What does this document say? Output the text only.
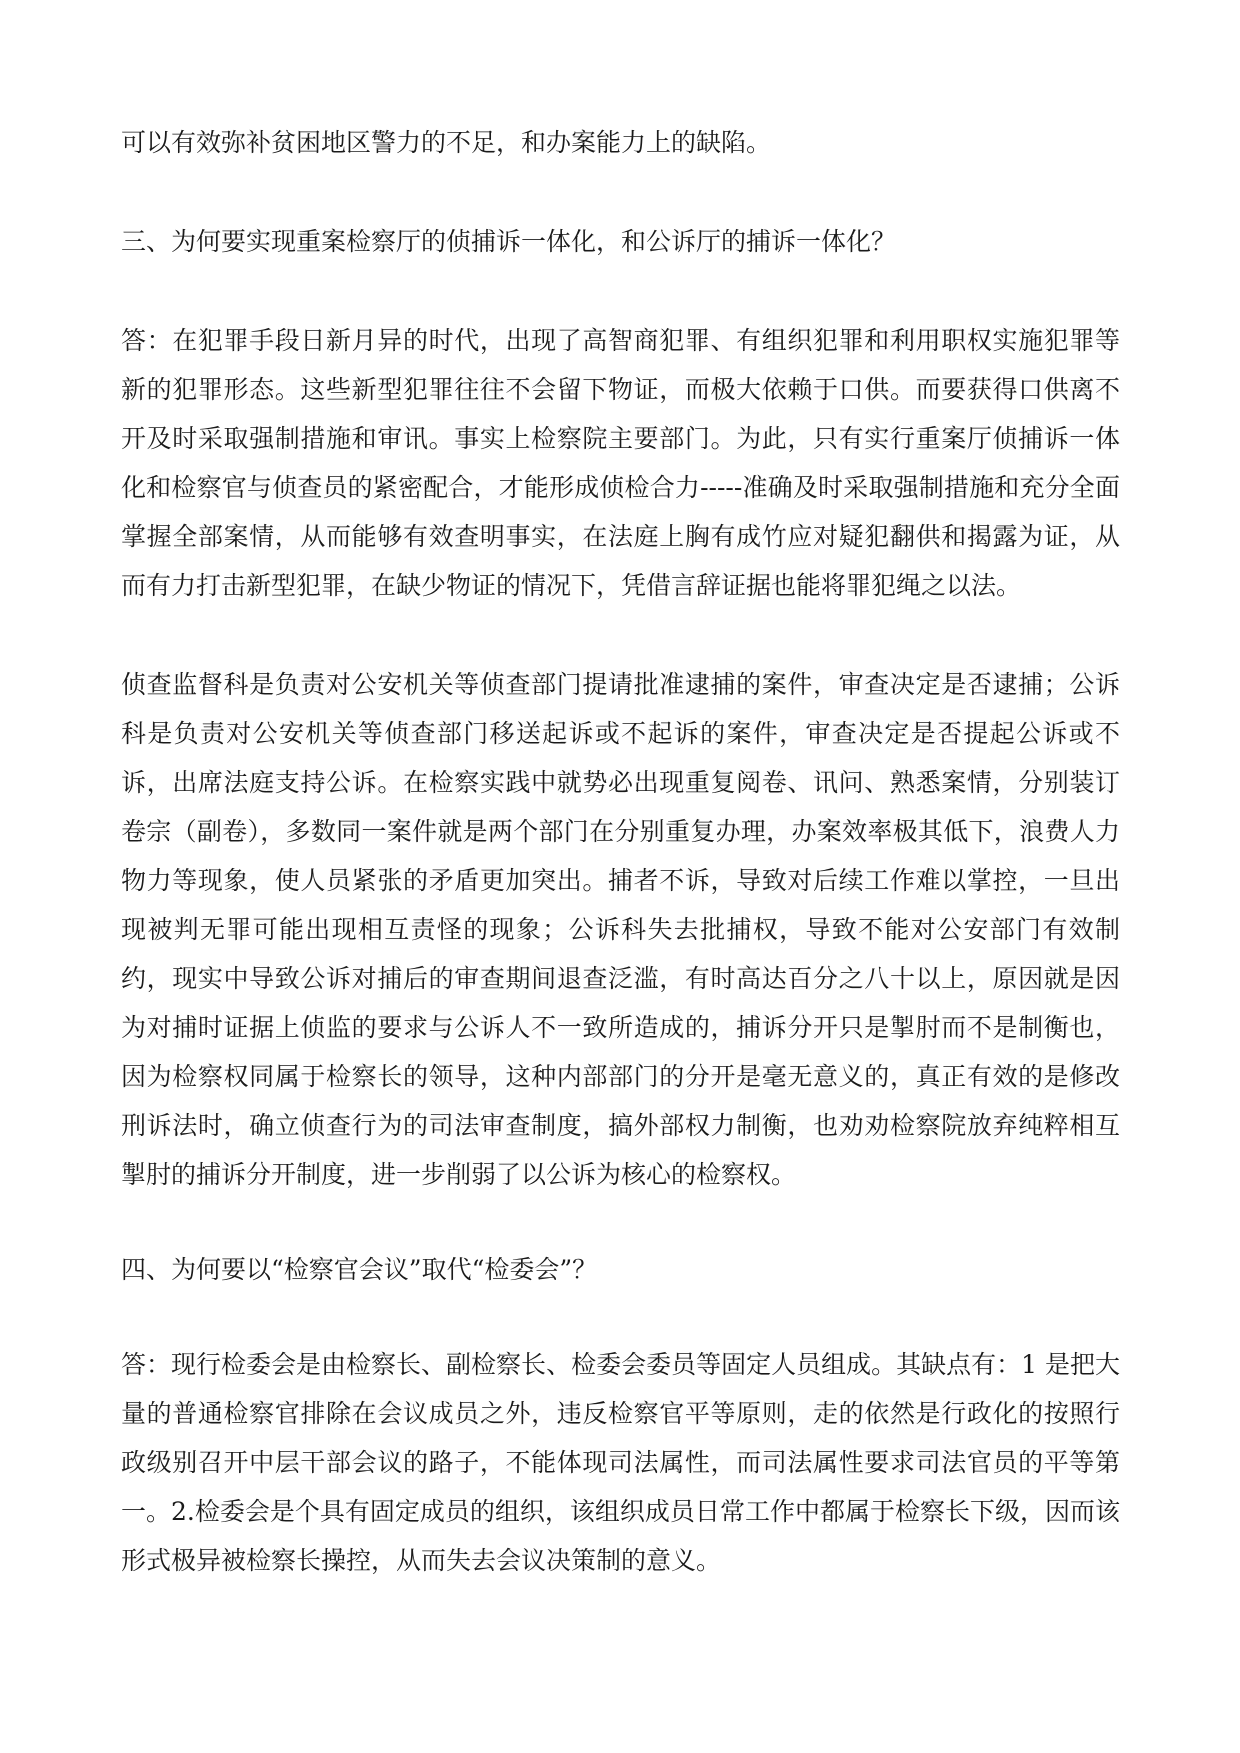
可以有效弥补贫困地区警力的不足，和办案能力上的缺陷。

三、为何要实现重案检察厅的侦捕诉一体化，和公诉厅的捕诉一体化？

答：在犯罪手段日新月异的时代，出现了高智商犯罪、有组织犯罪和利用职权实施犯罪等新的犯罪形态。这些新型犯罪往往不会留下物证，而极大依赖于口供。而要获得口供离不开及时采取强制措施和审讯。事实上检察院主要部门。为此，只有实行重案厅侦捕诉一体化和检察官与侦查员的紧密配合，才能形成侦检合力-----准确及时采取强制措施和充分全面掌握全部案情，从而能够有效查明事实，在法庭上胸有成竹应对疑犯翻供和揭露为证，从而有力打击新型犯罪，在缺少物证的情况下，凭借言辞证据也能将罪犯绳之以法。

侦查监督科是负责对公安机关等侦查部门提请批准逮捕的案件，审查决定是否逮捕；公诉科是负责对公安机关等侦查部门移送起诉或不起诉的案件，审查决定是否提起公诉或不诉，出席法庭支持公诉。在检察实践中就势必出现重复阅卷、讯问、熟悉案情，分别装订卷宗（副卷），多数同一案件就是两个部门在分别重复办理，办案效率极其低下，浪费人力物力等现象，使人员紧张的矛盾更加突出。捕者不诉，导致对后续工作难以掌控，一旦出现被判无罪可能出现相互责怪的现象；公诉科失去批捕权，导致不能对公安部门有效制约，现实中导致公诉对捕后的审查期间退查泛滥，有时高达百分之八十以上，原因就是因为对捕时证据上侦监的要求与公诉人不一致所造成的，捕诉分开只是掣肘而不是制衡也，因为检察权同属于检察长的领导，这种内部部门的分开是毫无意义的，真正有效的是修改刑诉法时，确立侦查行为的司法审查制度，搞外部权力制衡，也劝劝检察院放弃纯粹相互掣肘的捕诉分开制度，进一步削弱了以公诉为核心的检察权。

四、为何要以“检察官会议”取代“检委会”？

答：现行检委会是由检察长、副检察长、检委会委员等固定人员组成。其缺点有：1 是把大量的普通检察官排除在会议成员之外，违反检察官平等原则，走的依然是行政化的按照行政级别召开中层干部会议的路子，不能体现司法属性，而司法属性要求司法官员的平等第一。2.检委会是个具有固定成员的组织，该组织成员日常工作中都属于检察长下级，因而该形式极异被检察长操控，从而失去会议决策制的意义。
